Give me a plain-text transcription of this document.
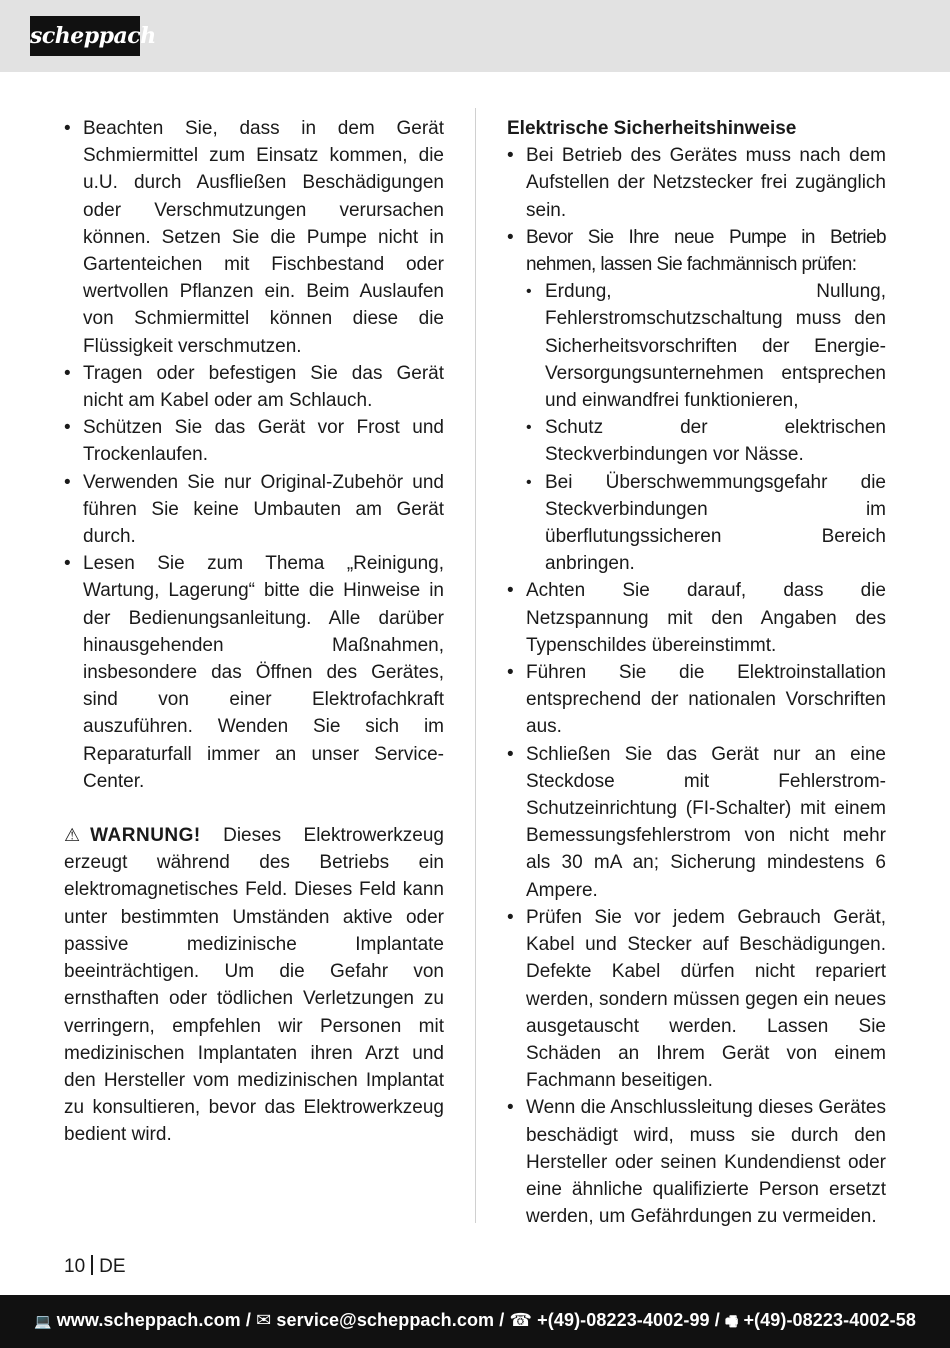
scheppach
• Beachten Sie, dass in dem Gerät Schmiermittel zum Einsatz kommen, die u.U. durch Ausfließen Beschädigungen oder Verschmutzungen verursachen können. Setzen Sie die Pumpe nicht in Gartenteichen mit Fischbestand oder wertvollen Pflanzen ein. Beim Auslaufen von Schmiermittel können diese die Flüssigkeit verschmutzen.
• Tragen oder befestigen Sie das Gerät nicht am Kabel oder am Schlauch.
• Schützen Sie das Gerät vor Frost und Trockenlaufen.
• Verwenden Sie nur Original-Zubehör und führen Sie keine Umbauten am Gerät durch.
• Lesen Sie zum Thema „Reinigung, Wartung, Lagerung“ bitte die Hinweise in der Bedienungsanleitung. Alle darüber hinausgehenden Maßnahmen, insbesondere das Öffnen des Gerätes, sind von einer Elektrofachkraft auszuführen. Wenden Sie sich im Reparaturfall immer an unser Service-Center.

⚠ WARNUNG! Dieses Elektrowerkzeug erzeugt während des Betriebs ein elektromagnetisches Feld. Dieses Feld kann unter bestimmten Umständen aktive oder passive medizinische Implantate beeinträchtigen. Um die Gefahr von ernsthaften oder tödlichen Verletzungen zu verringern, empfehlen wir Personen mit medizinischen Implantaten ihren Arzt und den Hersteller vom medizinischen Implantat zu konsultieren, bevor das Elektrowerkzeug bedient wird.

Elektrische Sicherheitshinweise
• Bei Betrieb des Gerätes muss nach dem Aufstellen der Netzstecker frei zugänglich sein.
• Bevor Sie Ihre neue Pumpe in Betrieb nehmen, lassen Sie fachmännisch prüfen:
• Erdung, Nullung, Fehlerstromschutzschaltung muss den Sicherheitsvorschriften der Energie-Versorgungsunternehmen entsprechen und einwandfrei funktionieren,
• Schutz der elektrischen Steckverbindungen vor Nässe.
• Bei Überschwemmungsgefahr die Steckverbindungen im überflutungssicheren Bereich anbringen.
• Achten Sie darauf, dass die Netzspannung mit den Angaben des Typenschildes übereinstimmt.
• Führen Sie die Elektroinstallation entsprechend der nationalen Vorschriften aus.
• Schließen Sie das Gerät nur an eine Steckdose mit Fehlerstrom-Schutzeinrichtung (FI-Schalter) mit einem Bemessungsfehlerstrom von nicht mehr als 30 mA an; Sicherung mindestens 6 Ampere.
• Prüfen Sie vor jedem Gebrauch Gerät, Kabel und Stecker auf Beschädigungen. Defekte Kabel dürfen nicht repariert werden, sondern müssen gegen ein neues ausgetauscht werden. Lassen Sie Schäden an Ihrem Gerät von einem Fachmann beseitigen.
• Wenn die Anschlussleitung dieses Gerätes beschädigt wird, muss sie durch den Hersteller oder seinen Kundendienst oder eine ähnliche qualifizierte Person ersetzt werden, um Gefährdungen zu vermeiden.
10 DE
💻 www.scheppach.com / ✉ service@scheppach.com / ☎ +(49)-08223-4002-99 / 🖷 +(49)-08223-4002-58
